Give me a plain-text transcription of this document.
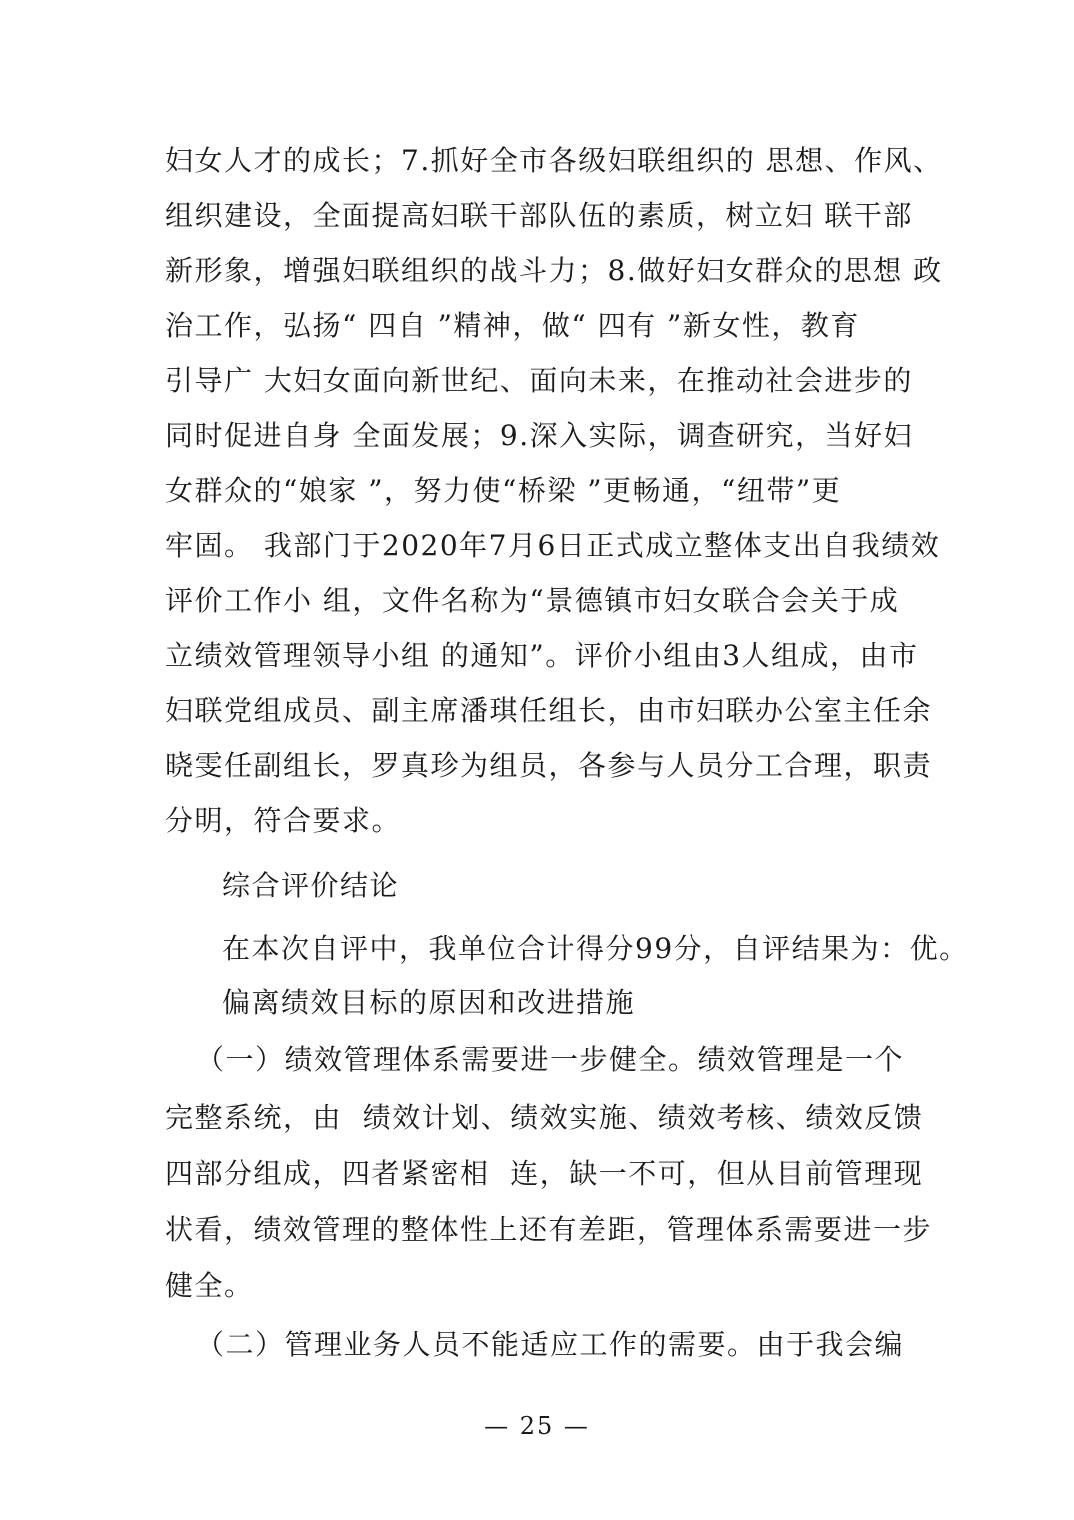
妇女人才的成长；7.抓好全市各级妇联组织的 思想、作风、
组织建设，全面提高妇联干部队伍的素质，树立妇 联干部
新形象，增强妇联组织的战斗力；8.做好妇女群众的思想 政
治工作，弘扬“ 四自 ”精神，做“ 四有 ”新女性，教育
引导广 大妇女面向新世纪、面向未来，在推动社会进步的
同时促进自身 全面发展；9.深入实际，调查研究，当好妇
女群众的“娘家 ”，努力使“桥梁 ”更畅通，“纽带”更
牢固。 我部门于2020年7月6日正式成立整体支出自我绩效
评价工作小 组，文件名称为“景德镇市妇女联合会关于成
立绩效管理领导小组 的通知”。评价小组由3人组成，由市
妇联党组成员、副主席潘琪任组长，由市妇联办公室主任余
晓雯任副组长，罗真珍为组员，各参与人员分工合理，职责
分明，符合要求。
综合评价结论
在本次自评中，我单位合计得分99分，自评结果为：优。
偏离绩效目标的原因和改进措施
（一）绩效管理体系需要进一步健全。绩效管理是一个
完整系统，由  绩效计划、绩效实施、绩效考核、绩效反馈
四部分组成，四者紧密相  连，缺一不可，但从目前管理现
状看，绩效管理的整体性上还有差距，管理体系需要进一步
健全。
（二）管理业务人员不能适应工作的需要。由于我会编
— 25 —
